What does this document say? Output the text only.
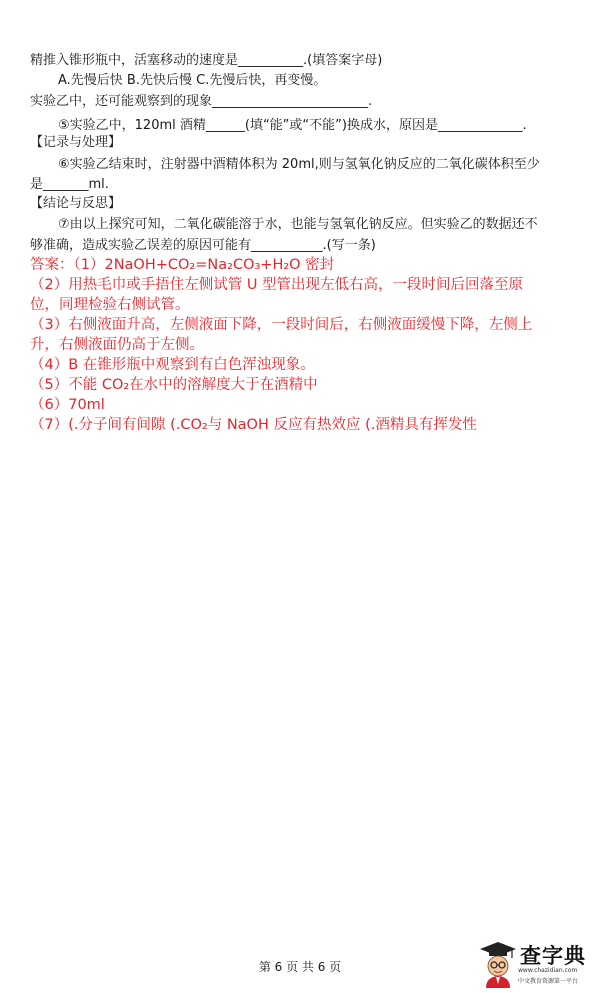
精推入锥形瓶中，活塞移动的速度是__________.(填答案字母)
A.先慢后快 B.先快后慢 C.先慢后快，再变慢。
实验乙中，还可能观察到的现象________________________.
⑤实验乙中，120ml 酒精______(填“能”或“不能”)换成水，原因是_____________.
【记录与处理】
⑥实验乙结束时，注射器中酒精体积为 20ml,则与氢氧化钠反应的二氧化碳体积至少
是_______ml.
【结论与反思】
⑦由以上探究可知，二氧化碳能溶于水，也能与氢氧化钠反应。但实验乙的数据还不
够准确，造成实验乙误差的原因可能有___________.(写一条)
答案：（1）2NaOH+CO₂=Na₂CO₃+H₂O 密封
（2）用热毛巾或手捂住左侧试管 U 型管出现左低右高，一段时间后回落至原
位，同理检验右侧试管。
（3）右侧液面升高，左侧液面下降，一段时间后，右侧液面缓慢下降，左侧上
升，右侧液面仍高于左侧。
（4）B 在锥形瓶中观察到有白色浑浊现象。
（5）不能 CO₂在水中的溶解度大于在酒精中
（6）70ml
（7）(.分子间有间隙 (.CO₂与 NaOH 反应有热效应 (.酒精具有挥发性
第 6 页 共 6 页	查字典
www.chazidian.com
中文教育资源第一平台
